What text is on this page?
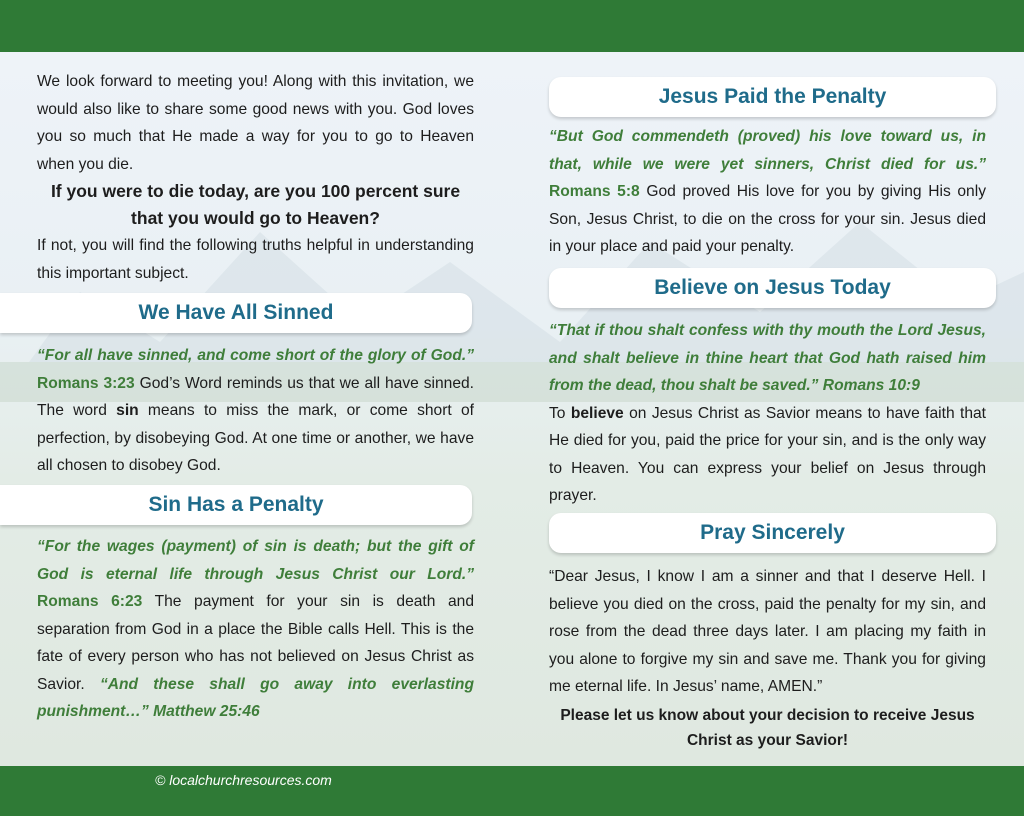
We look forward to meeting you! Along with this invitation, we would also like to share some good news with you. God loves you so much that He made a way for you to go to Heaven when you die.
If you were to die today, are you 100 percent sure that you would go to Heaven?
If not, you will find the following truths helpful in understanding this important subject.
We Have All Sinned
“For all have sinned, and come short of the glory of God.” Romans 3:23 God’s Word reminds us that we all have sinned. The word sin means to miss the mark, or come short of perfection, by disobeying God. At one time or another, we have all chosen to disobey God.
Sin Has a Penalty
“For the wages (payment) of sin is death; but the gift of God is eternal life through Jesus Christ our Lord.” Romans 6:23 The payment for your sin is death and separation from God in a place the Bible calls Hell. This is the fate of every person who has not believed on Jesus Christ as Savior. “And these shall go away into everlasting punishment…” Matthew 25:46
Jesus Paid the Penalty
“But God commendeth (proved) his love toward us, in that, while we were yet sinners, Christ died for us.” Romans 5:8 God proved His love for you by giving His only Son, Jesus Christ, to die on the cross for your sin. Jesus died in your place and paid your penalty.
Believe on Jesus Today
“That if thou shalt confess with thy mouth the Lord Jesus, and shalt believe in thine heart that God hath raised him from the dead, thou shalt be saved.” Romans 10:9
To believe on Jesus Christ as Savior means to have faith that He died for you, paid the price for your sin, and is the only way to Heaven. You can express your belief on Jesus through prayer.
Pray Sincerely
“Dear Jesus, I know I am a sinner and that I deserve Hell. I believe you died on the cross, paid the penalty for my sin, and rose from the dead three days later. I am placing my faith in you alone to forgive my sin and save me. Thank you for giving me eternal life. In Jesus’ name, AMEN.”
Please let us know about your decision to receive Jesus Christ as your Savior!
© localchurchresources.com
